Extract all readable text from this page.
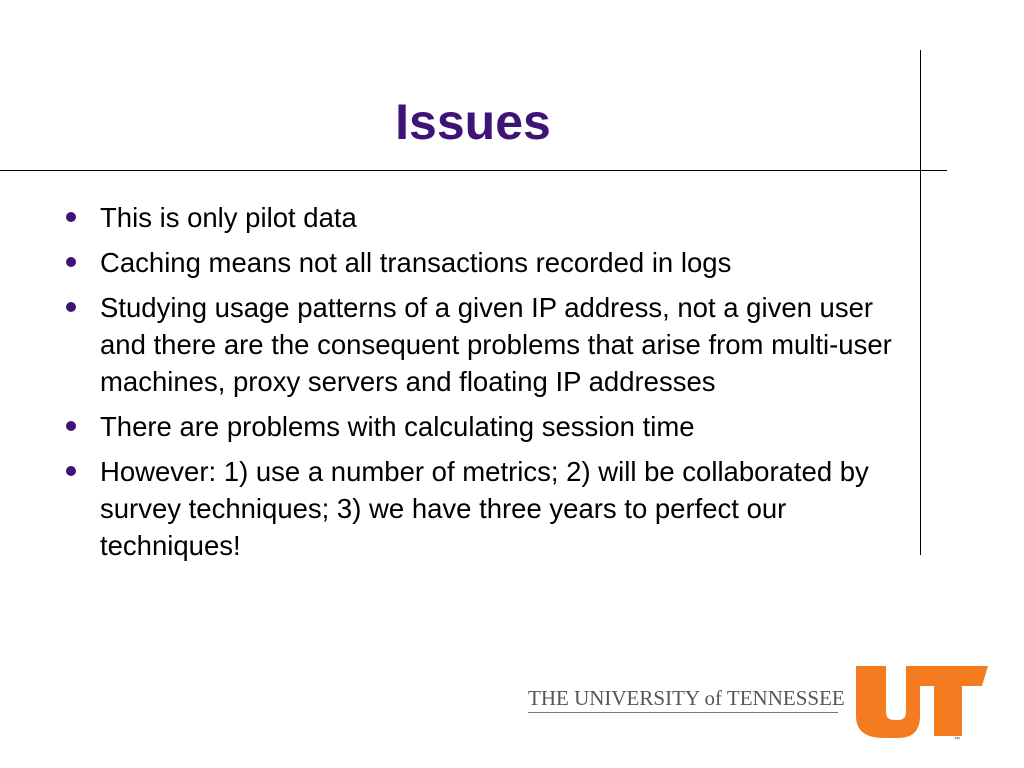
Issues
This is only pilot data
Caching means not all transactions recorded in logs
Studying usage patterns of a given IP address, not a given user and there are the consequent problems that arise from multi-user machines, proxy servers and floating IP addresses
There are problems with calculating session time
However: 1) use a number of metrics; 2) will be collaborated by survey techniques; 3) we have three years to perfect our techniques!
THE UNIVERSITY of TENNESSEE
™
